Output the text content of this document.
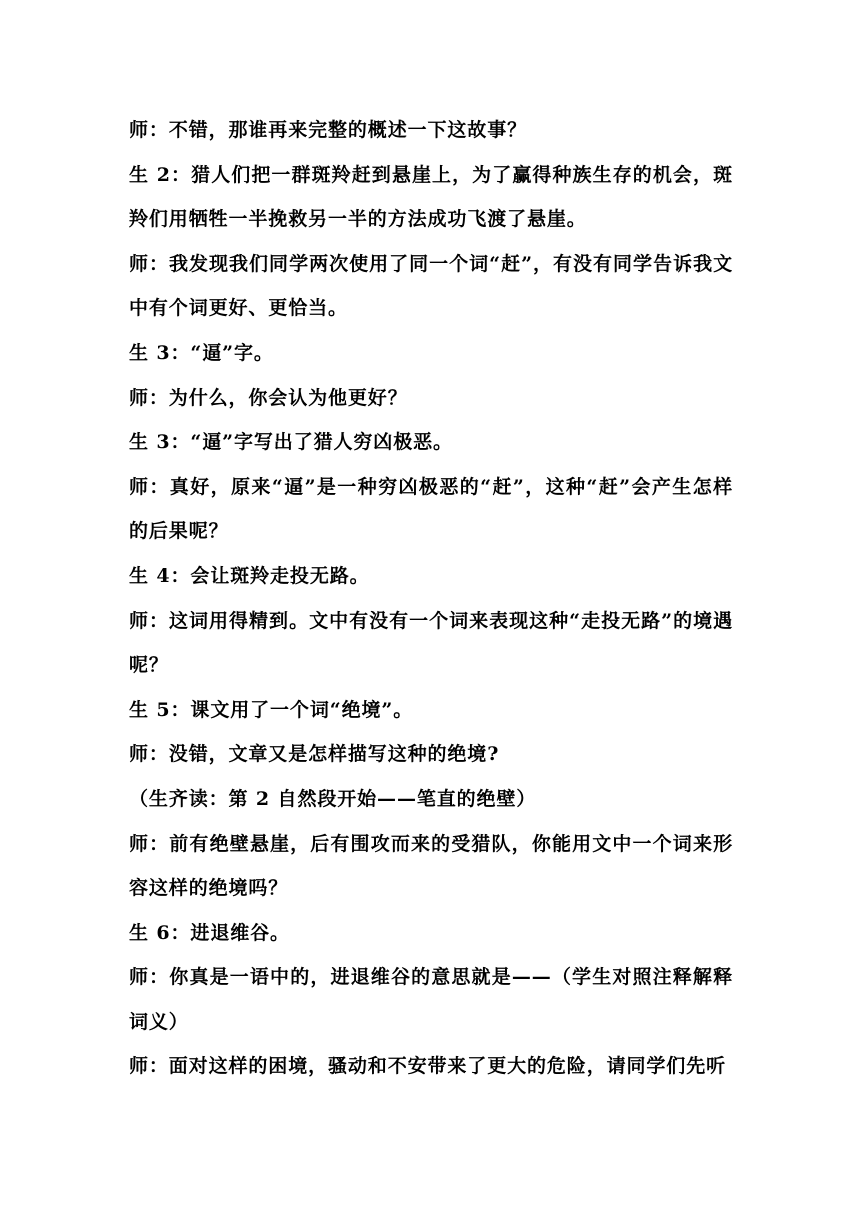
师：不错，那谁再来完整的概述一下这故事？

生 2：猎人们把一群斑羚赶到悬崖上，为了赢得种族生存的机会，斑羚们用牺牲一半挽救另一半的方法成功飞渡了悬崖。

师：我发现我们同学两次使用了同一个词“赶”，有没有同学告诉我文中有个词更好、更恰当。

生 3：“逼”字。

师：为什么，你会认为他更好？

生 3：“逼”字写出了猎人穷凶极恶。

师：真好，原来“逼”是一种穷凶极恶的“赶”，这种“赶”会产生怎样的后果呢？

生 4：会让斑羚走投无路。

师：这词用得精到。文中有没有一个词来表现这种“走投无路”的境遇呢？

生 5：课文用了一个词“绝境”。

师：没错，文章又是怎样描写这种的绝境?

（生齐读：第 2 自然段开始——笔直的绝壁）

师：前有绝壁悬崖，后有围攻而来的受猎队，你能用文中一个词来形容这样的绝境吗？

生 6：进退维谷。

师：你真是一语中的，进退维谷的意思就是——（学生对照注释解释词义）

师：面对这样的困境，骚动和不安带来了更大的危险，请同学们先听
